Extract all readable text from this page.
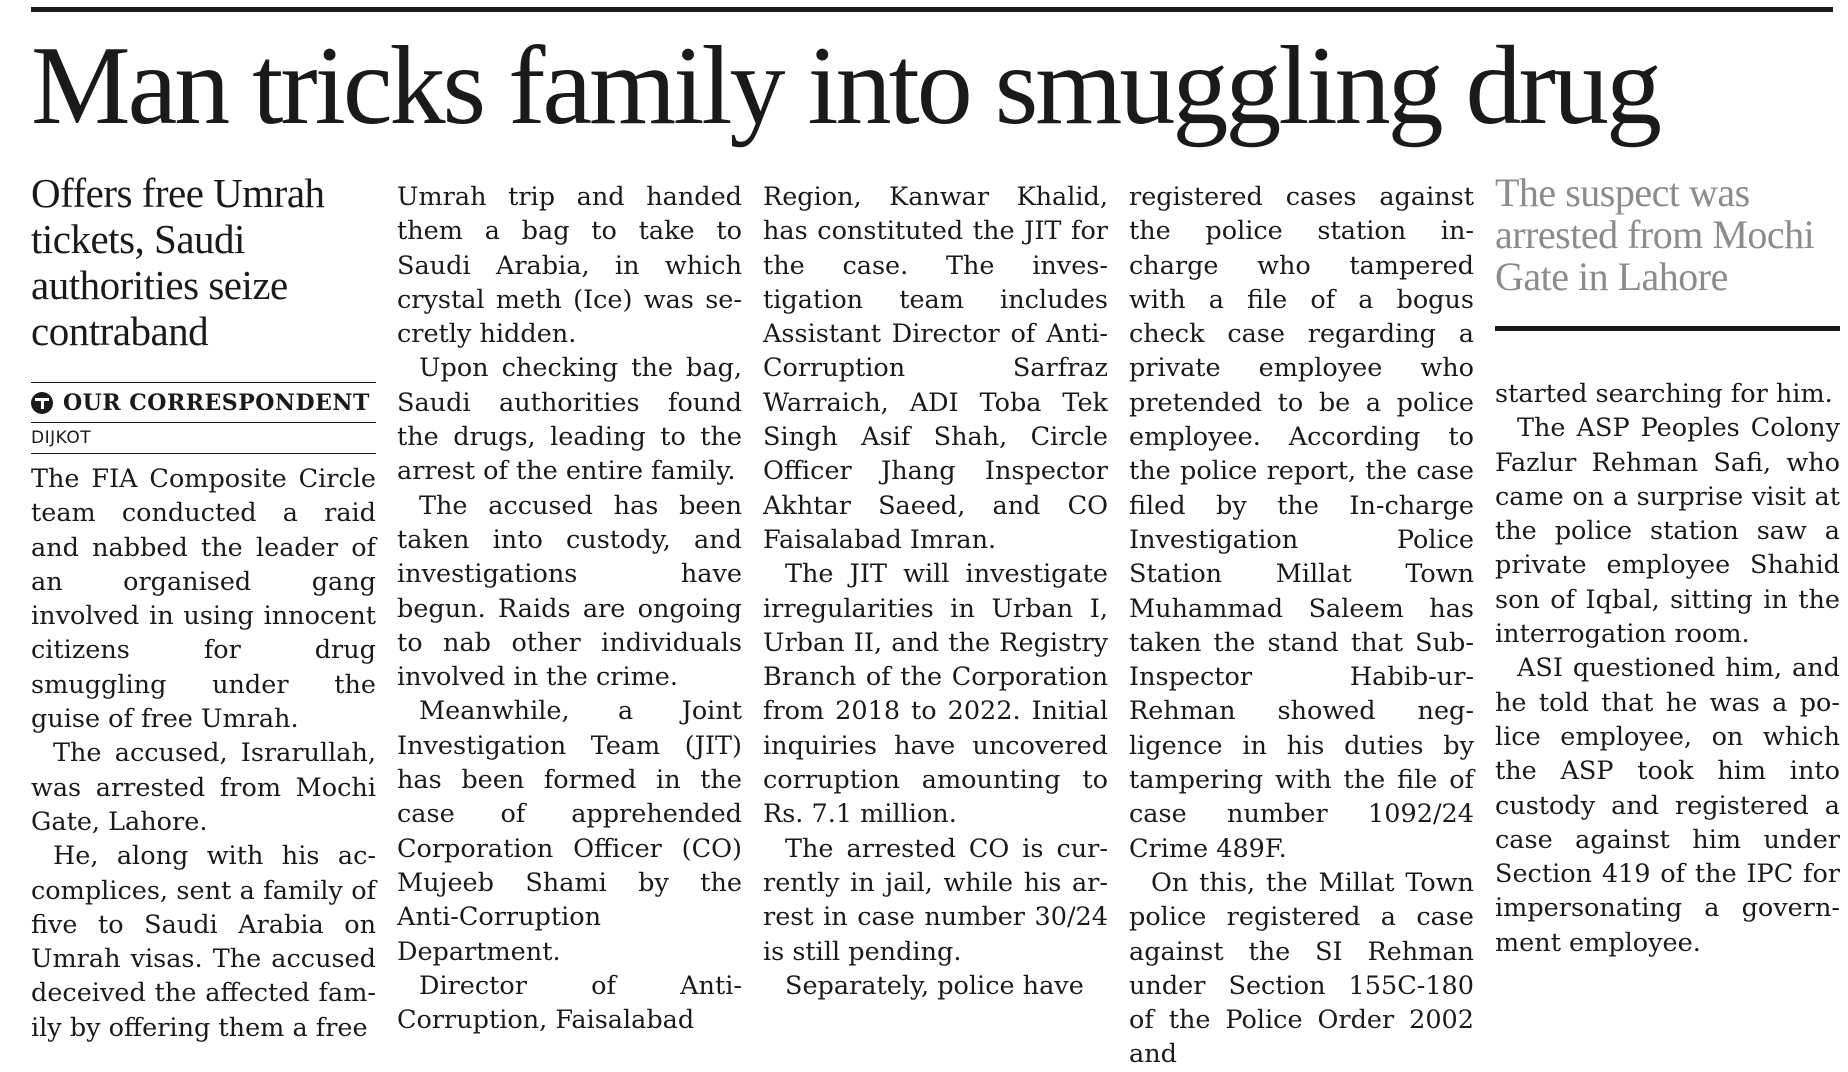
Man tricks family into smuggling drug
Offers free Umrah tickets, Saudi authorities seize contraband
OUR CORRESPONDENT
DIJKOT

The FIA Composite Circle team conducted a raid and nabbed the leader of an organised gang involved in using innocent citizens for drug smuggling under the guise of free Umrah.

The accused, Israrullah, was arrested from Mochi Gate, Lahore.

He, along with his accomplices, sent a family of five to Saudi Arabia on Umrah visas. The accused deceived the affected family by offering them a free

Umrah trip and handed them a bag to take to Saudi Arabia, in which crystal meth (Ice) was secretly hidden.

Upon checking the bag, Saudi authorities found the drugs, leading to the arrest of the entire family.

The accused has been taken into custody, and investigations have begun. Raids are ongoing to nab other individuals involved in the crime.

Meanwhile, a Joint Investigation Team (JIT) has been formed in the case of apprehended Corporation Officer (CO) Mujeeb Shami by the Anti-Corruption Department.

Director of Anti-Corruption, Faisalabad

Region, Kanwar Khalid, has constituted the JIT for the case. The investigation team includes Assistant Director of Anti-Corruption Sarfraz Warraich, ADI Toba Tek Singh Asif Shah, Circle Officer Jhang Inspector Akhtar Saeed, and CO Faisalabad Imran.

The JIT will investigate irregularities in Urban I, Urban II, and the Registry Branch of the Corporation from 2018 to 2022. Initial inquiries have uncovered corruption amounting to Rs. 7.1 million.

The arrested CO is currently in jail, while his arrest in case number 30/24 is still pending.

Separately, police have

registered cases against the police station in-charge who tampered with a file of a bogus check case regarding a private employee who pretended to be a police employee. According to the police report, the case filed by the In-charge Investigation Police Station Millat Town Muhammad Saleem has taken the stand that Sub-Inspector Habib-ur-Rehman showed negligence in his duties by tampering with the file of case number 1092/24 Crime 489F.

On this, the Millat Town police registered a case against the SI Rehman under Section 155C-180 of the Police Order 2002 and

The suspect was arrested from Mochi Gate in Lahore

started searching for him.

The ASP Peoples Colony Fazlur Rehman Safi, who came on a surprise visit at the police station saw a private employee Shahid son of Iqbal, sitting in the interrogation room.

ASI questioned him, and he told that he was a police employee, on which the ASP took him into custody and registered a case against him under Section 419 of the IPC for impersonating a government employee.
